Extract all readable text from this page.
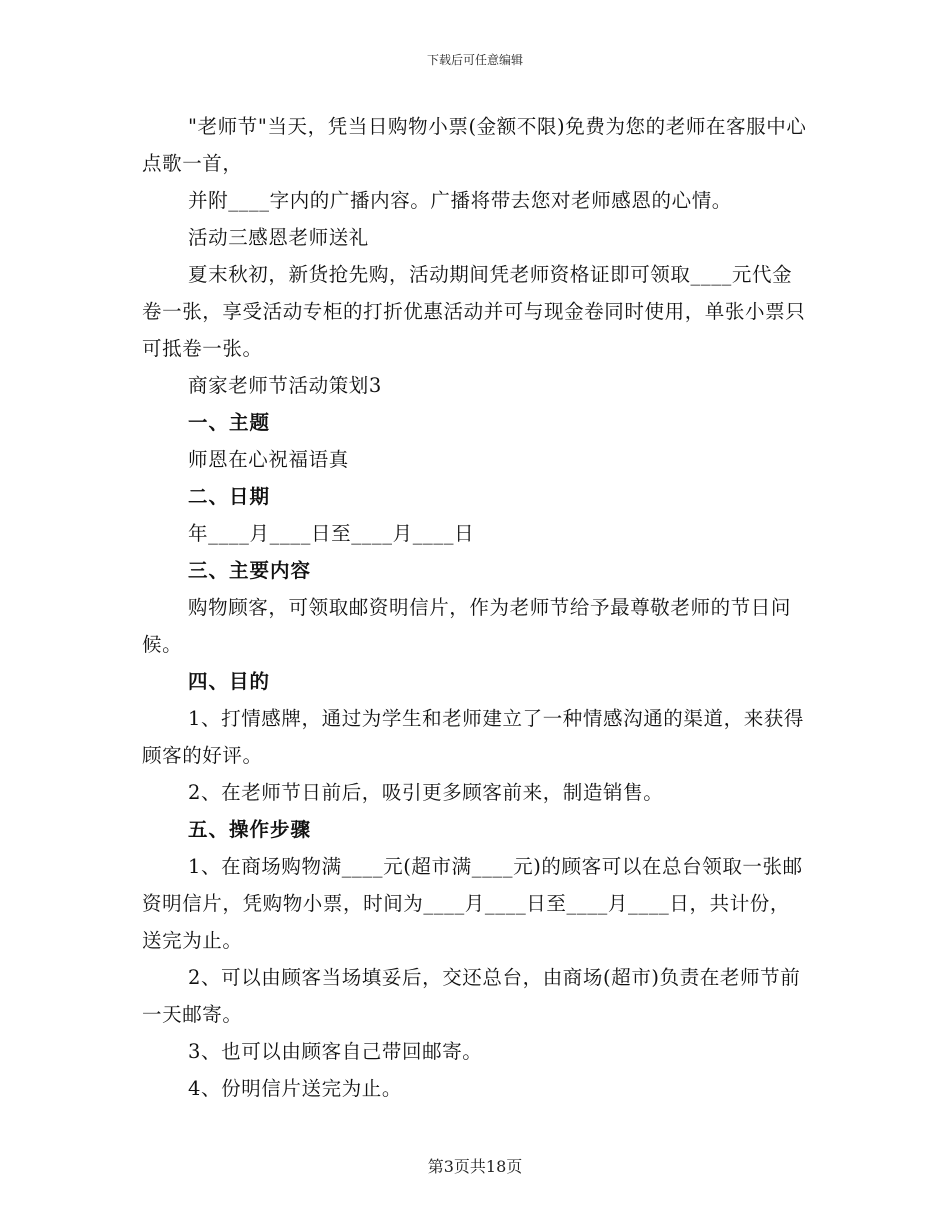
下载后可任意编辑

"老师节"当天，凭当日购物小票(金额不限)免费为您的老师在客服中心点歌一首，

并附____字内的广播内容。广播将带去您对老师感恩的心情。

活动三感恩老师送礼

夏末秋初，新货抢先购，活动期间凭老师资格证即可领取____元代金卷一张，享受活动专柜的打折优惠活动并可与现金卷同时使用，单张小票只可抵卷一张。

商家老师节活动策划3

一、主题

师恩在心祝福语真

二、日期

年____月____日至____月____日

三、主要内容

购物顾客，可领取邮资明信片，作为老师节给予最尊敬老师的节日问候。

四、目的

1、打情感牌，通过为学生和老师建立了一种情感沟通的渠道，来获得顾客的好评。

2、在老师节日前后，吸引更多顾客前来，制造销售。

五、操作步骤

1、在商场购物满____元(超市满____元)的顾客可以在总台领取一张邮资明信片，凭购物小票，时间为____月____日至____月____日，共计份，送完为止。

2、可以由顾客当场填妥后，交还总台，由商场(超市)负责在老师节前一天邮寄。

3、也可以由顾客自己带回邮寄。

4、份明信片送完为止。

第3页共18页
